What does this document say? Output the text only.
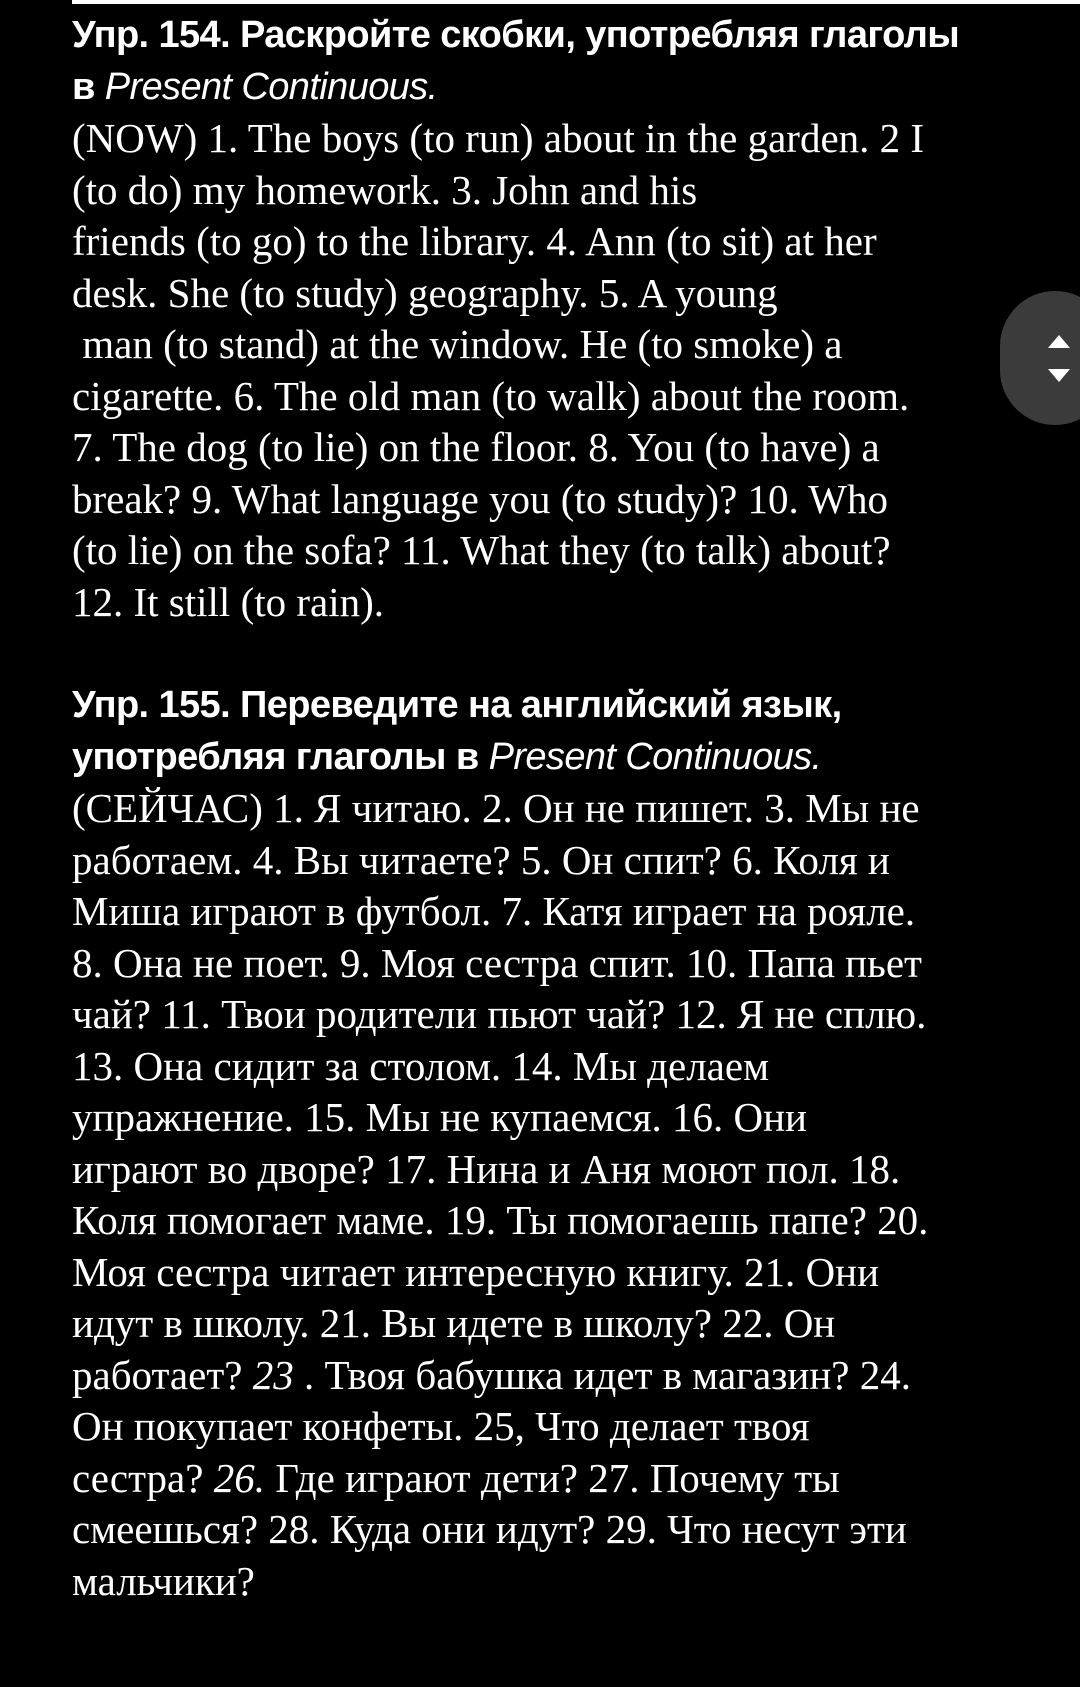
Упр. 154. Раскройте скобки, употребляя глаголы
в Present Continuous.
(NOW) 1. The boys (to run) about in the garden. 2 I
(to do) my homework. 3. John and his
friends (to go) to the library. 4. Ann (to sit) at her
desk. She (to study) geography. 5. A young
man (to stand) at the window. He (to smoke) a
cigarette. 6. The old man (to walk) about the room.
7. The dog (to lie) on the floor. 8. You (to have) a
break? 9. What language you (to study)? 10. Who
(to lie) on the sofa? 11. What they (to talk) about?
12. It still (to rain).
Упр. 155. Переведите на английский язык,
употребляя глаголы в Present Continuous.
(СЕЙЧАС) 1. Я читаю. 2. Он не пишет. 3. Мы не
работаем. 4. Вы читаете? 5. Он спит? 6. Коля и
Миша играют в футбол. 7. Катя играет на рояле.
8. Она не поет. 9. Моя сестра спит. 10. Папа пьет
чай? 11. Твои родители пьют чай? 12. Я не сплю.
13. Она сидит за столом. 14. Мы делаем
упражнение. 15. Мы не купаемся. 16. Они
играют во дворе? 17. Нина и Аня моют пол. 18.
Коля помогает маме. 19. Ты помогаешь папе? 20.
Моя сестра читает интересную книгу. 21. Они
идут в школу. 21. Вы идете в школу? 22. Он
работает? 23 . Твоя бабушка идет в магазин? 24.
Он покупает конфеты. 25, Что делает твоя
сестра? 26. Где играют дети? 27. Почему ты
смеешься? 28. Куда они идут? 29. Что несут эти
мальчики?
